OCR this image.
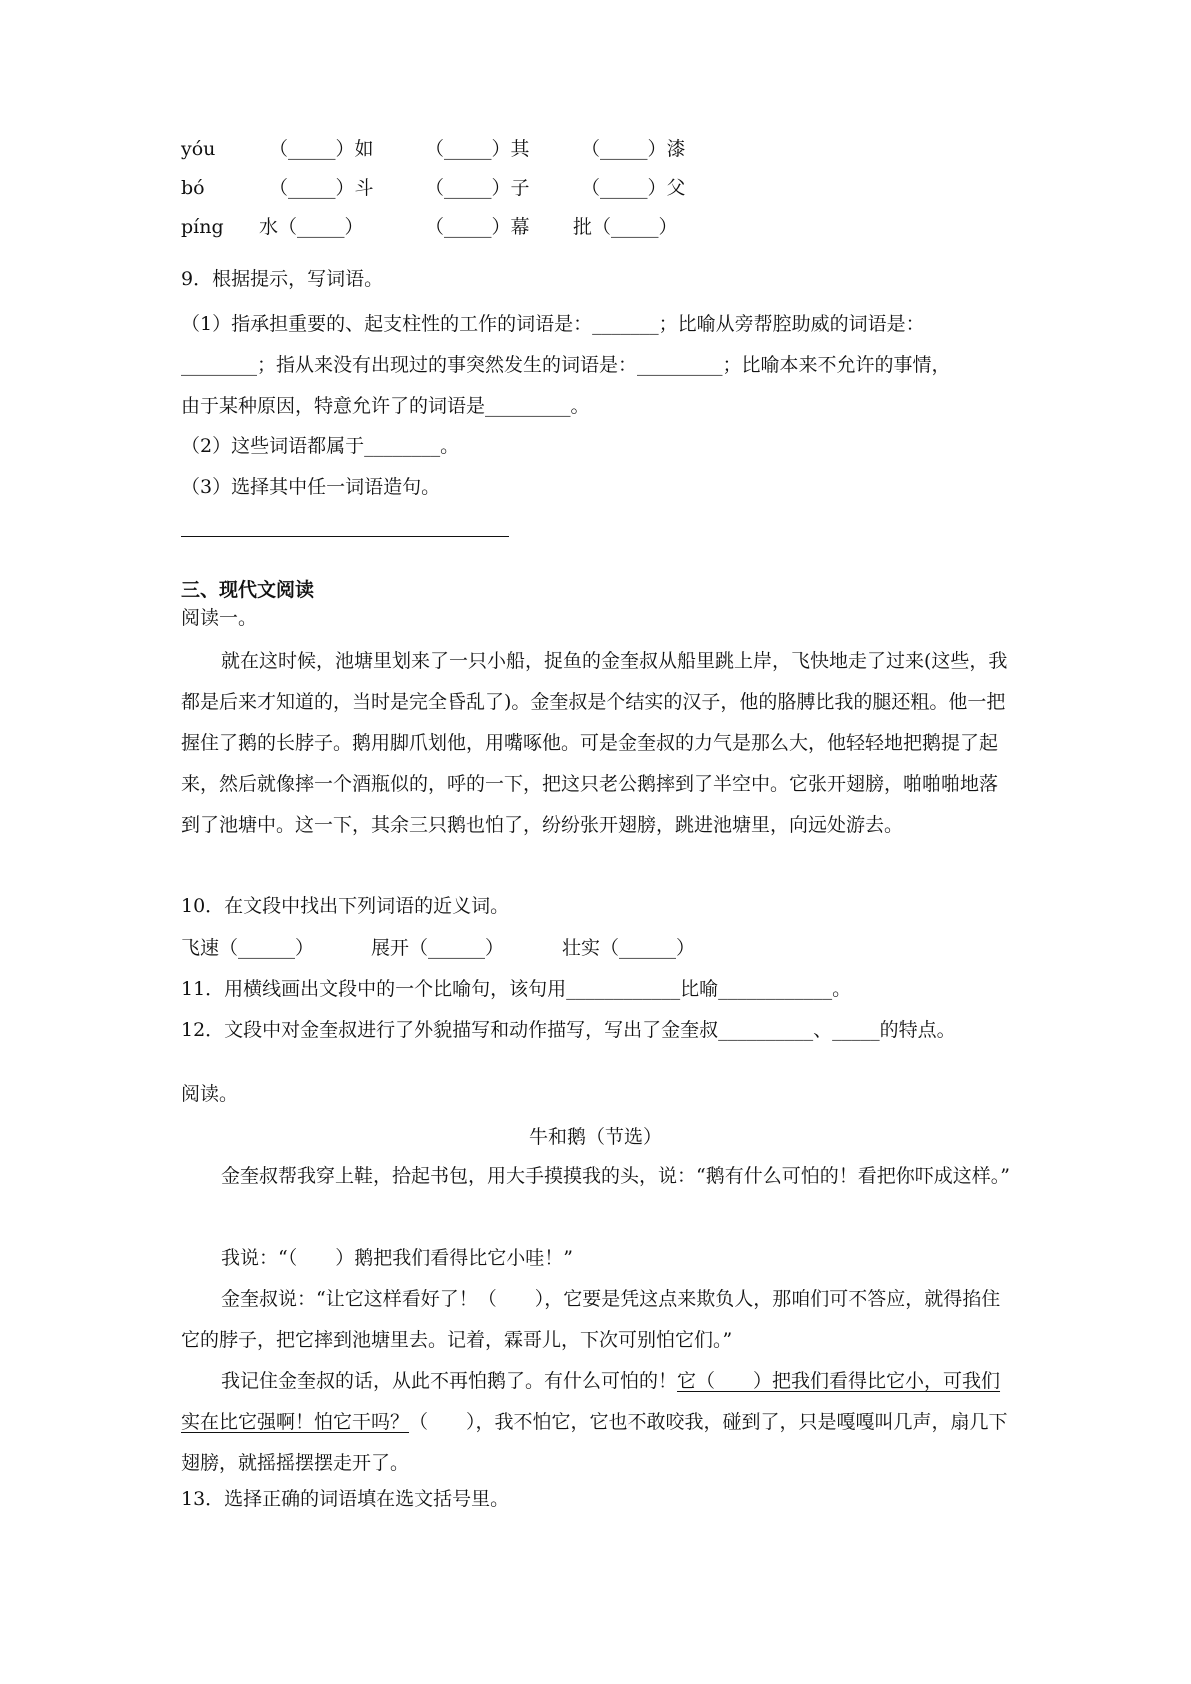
yóu	（_____）如	（_____）其	（_____）漆
bó	（_____）斗	（_____）子	（_____）父
píng 水（_____）	（_____）幕 批（_____）
9．根据提示，写词语。
（1）指承担重要的、起支柱性的工作的词语是：_______；比喻从旁帮腔助威的词语是：
________；指从来没有出现过的事突然发生的词语是：_________；比喻本来不允许的事情，
由于某种原因，特意允许了的词语是_________。
（2）这些词语都属于________。
（3）选择其中任一词语造句。
三、现代文阅读
阅读一。
就在这时候，池塘里划来了一只小船，捉鱼的金奎叔从船里跳上岸，飞快地走了过来(这些，我都是后来才知道的，当时是完全昏乱了)。金奎叔是个结实的汉子，他的胳膊比我的腿还粗。他一把握住了鹅的长脖子。鹅用脚爪划他，用嘴啄他。可是金奎叔的力气是那么大，他轻轻地把鹅提了起来，然后就像摔一个酒瓶似的，呼的一下，把这只老公鹅摔到了半空中。它张开翅膀，啪啪啪地落到了池塘中。这一下，其余三只鹅也怕了，纷纷张开翅膀，跳进池塘里，向远处游去。
10．在文段中找出下列词语的近义词。
飞速（______）	展开（______）	壮实（______）
11．用横线画出文段中的一个比喻句，该句用____________比喻____________。
12．文段中对金奎叔进行了外貌描写和动作描写，写出了金奎叔__________、_____的特点。
阅读。
牛和鹅（节选）
金奎叔帮我穿上鞋，拾起书包，用大手摸摸我的头，说：“鹅有什么可怕的！看把你吓成这样。”
我说：“（　　）鹅把我们看得比它小哇！”
金奎叔说：“让它这样看好了！（　　），它要是凭这点来欺负人，那咱们可不答应，就得掐住它的脖子，把它摔到池塘里去。记着，霖哥儿，下次可别怕它们。”
我记住金奎叔的话，从此不再怕鹅了。有什么可怕的！它（　　）把我们看得比它小，可我们实在比它强啊！怕它干吗？（　　），我不怕它，它也不敢咬我，碰到了，只是嘎嘎叫几声，扇几下翅膀，就摇摇摆摆走开了。
13．选择正确的词语填在选文括号里。
